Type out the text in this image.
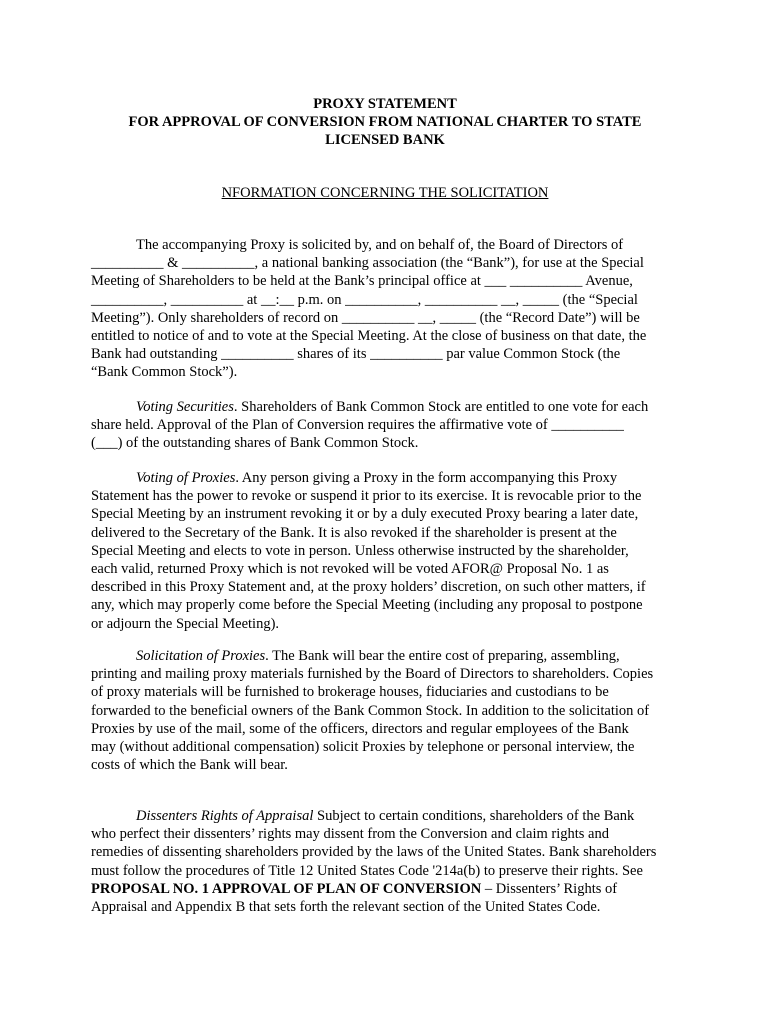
PROXY STATEMENT
FOR APPROVAL OF CONVERSION FROM NATIONAL CHARTER TO STATE
LICENSED BANK
NFORMATION CONCERNING THE SOLICITATION
The accompanying Proxy is solicited by, and on behalf of, the Board of Directors of
__________ & __________, a national banking association (the “Bank”), for use at the Special
Meeting of Shareholders to be held at the Bank’s principal office at ___ __________ Avenue,
__________, __________ at __:__ p.m. on __________, __________ __, _____ (the “Special
Meeting”). Only shareholders of record on __________ __, _____ (the “Record Date”) will be
entitled to notice of and to vote at the Special Meeting. At the close of business on that date, the
Bank had outstanding __________ shares of its __________ par value Common Stock (the
“Bank Common Stock”).
Voting Securities. Shareholders of Bank Common Stock are entitled to one vote for each
share held. Approval of the Plan of Conversion requires the affirmative vote of __________
(___) of the outstanding shares of Bank Common Stock.
Voting of Proxies. Any person giving a Proxy in the form accompanying this Proxy
Statement has the power to revoke or suspend it prior to its exercise. It is revocable prior to the
Special Meeting by an instrument revoking it or by a duly executed Proxy bearing a later date,
delivered to the Secretary of the Bank. It is also revoked if the shareholder is present at the
Special Meeting and elects to vote in person. Unless otherwise instructed by the shareholder,
each valid, returned Proxy which is not revoked will be voted AFOR@ Proposal No. 1 as
described in this Proxy Statement and, at the proxy holders’ discretion, on such other matters, if
any, which may properly come before the Special Meeting (including any proposal to postpone
or adjourn the Special Meeting).
Solicitation of Proxies. The Bank will bear the entire cost of preparing, assembling,
printing and mailing proxy materials furnished by the Board of Directors to shareholders. Copies
of proxy materials will be furnished to brokerage houses, fiduciaries and custodians to be
forwarded to the beneficial owners of the Bank Common Stock. In addition to the solicitation of
Proxies by use of the mail, some of the officers, directors and regular employees of the Bank
may (without additional compensation) solicit Proxies by telephone or personal interview, the
costs of which the Bank will bear.
Dissenters Rights of Appraisal Subject to certain conditions, shareholders of the Bank
who perfect their dissenters’ rights may dissent from the Conversion and claim rights and
remedies of dissenting shareholders provided by the laws of the United States. Bank shareholders
must follow the procedures of Title 12 United States Code '214a(b) to preserve their rights. See
PROPOSAL NO. 1 APPROVAL OF PLAN OF CONVERSION – Dissenters’ Rights of
Appraisal and Appendix B that sets forth the relevant section of the United States Code.
